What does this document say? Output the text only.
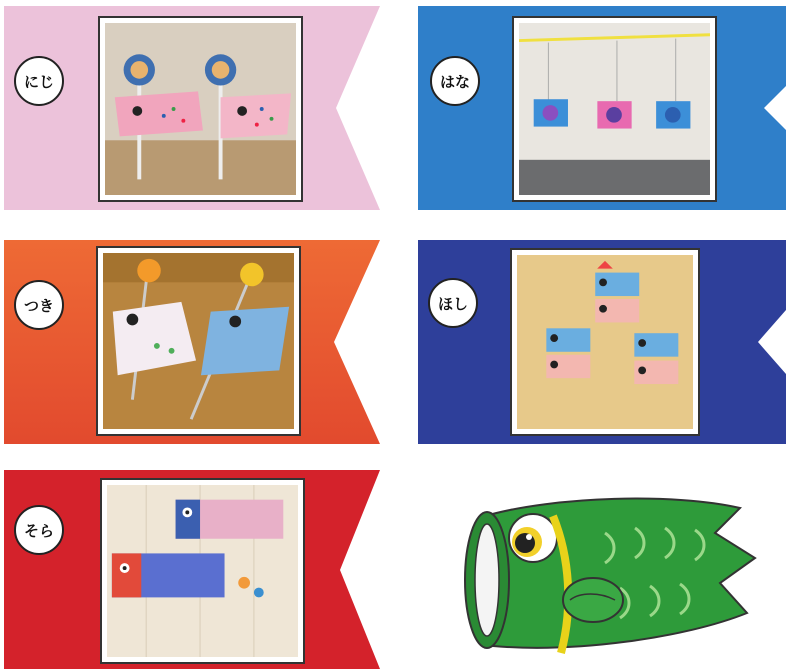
にじ	はな
つき	ほし
そら
